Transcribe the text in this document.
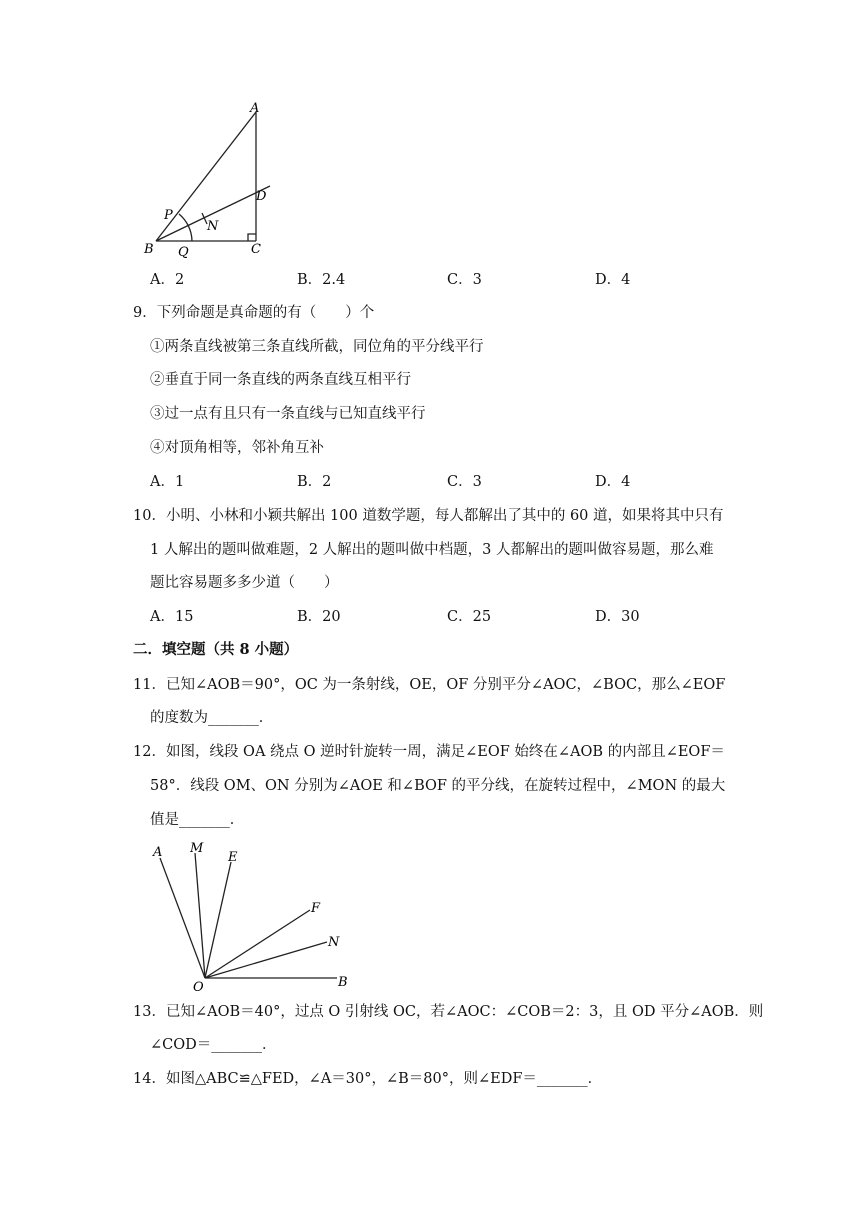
A
B	C
D
N
P
Q
A．2	B．2.4	C．3	D．4
9．下列命题是真命题的有（　　）个
①两条直线被第三条直线所截，同位角的平分线平行
②垂直于同一条直线的两条直线互相平行
③过一点有且只有一条直线与已知直线平行
④对顶角相等，邻补角互补
A．1	B．2	C．3	D．4
10．小明、小林和小颖共解出 100 道数学题，每人都解出了其中的 60 道，如果将其中只有
1 人解出的题叫做难题，2 人解出的题叫做中档题，3 人都解出的题叫做容易题，那么难
题比容易题多多少道（　　）
A．15	B．20	C．25	D．30
二．填空题（共 8 小题）
11．已知∠AOB＝90°，OC 为一条射线，OE，OF 分别平分∠AOC，∠BOC，那么∠EOF
的度数为_______．
12．如图，线段 OA 绕点 O 逆时针旋转一周，满足∠EOF 始终在∠AOB 的内部且∠EOF＝
58°．线段 OM、ON 分别为∠AOE 和∠BOF 的平分线，在旋转过程中，∠MON 的最大
值是_______．
A M
E
F
N
O	B
13．已知∠AOB＝40°，过点 O 引射线 OC，若∠AOC：∠COB＝2：3，且 OD 平分∠AOB．则
∠COD＝_______．
14．如图△ABC≌△FED，∠A＝30°，∠B＝80°，则∠EDF＝_______．
